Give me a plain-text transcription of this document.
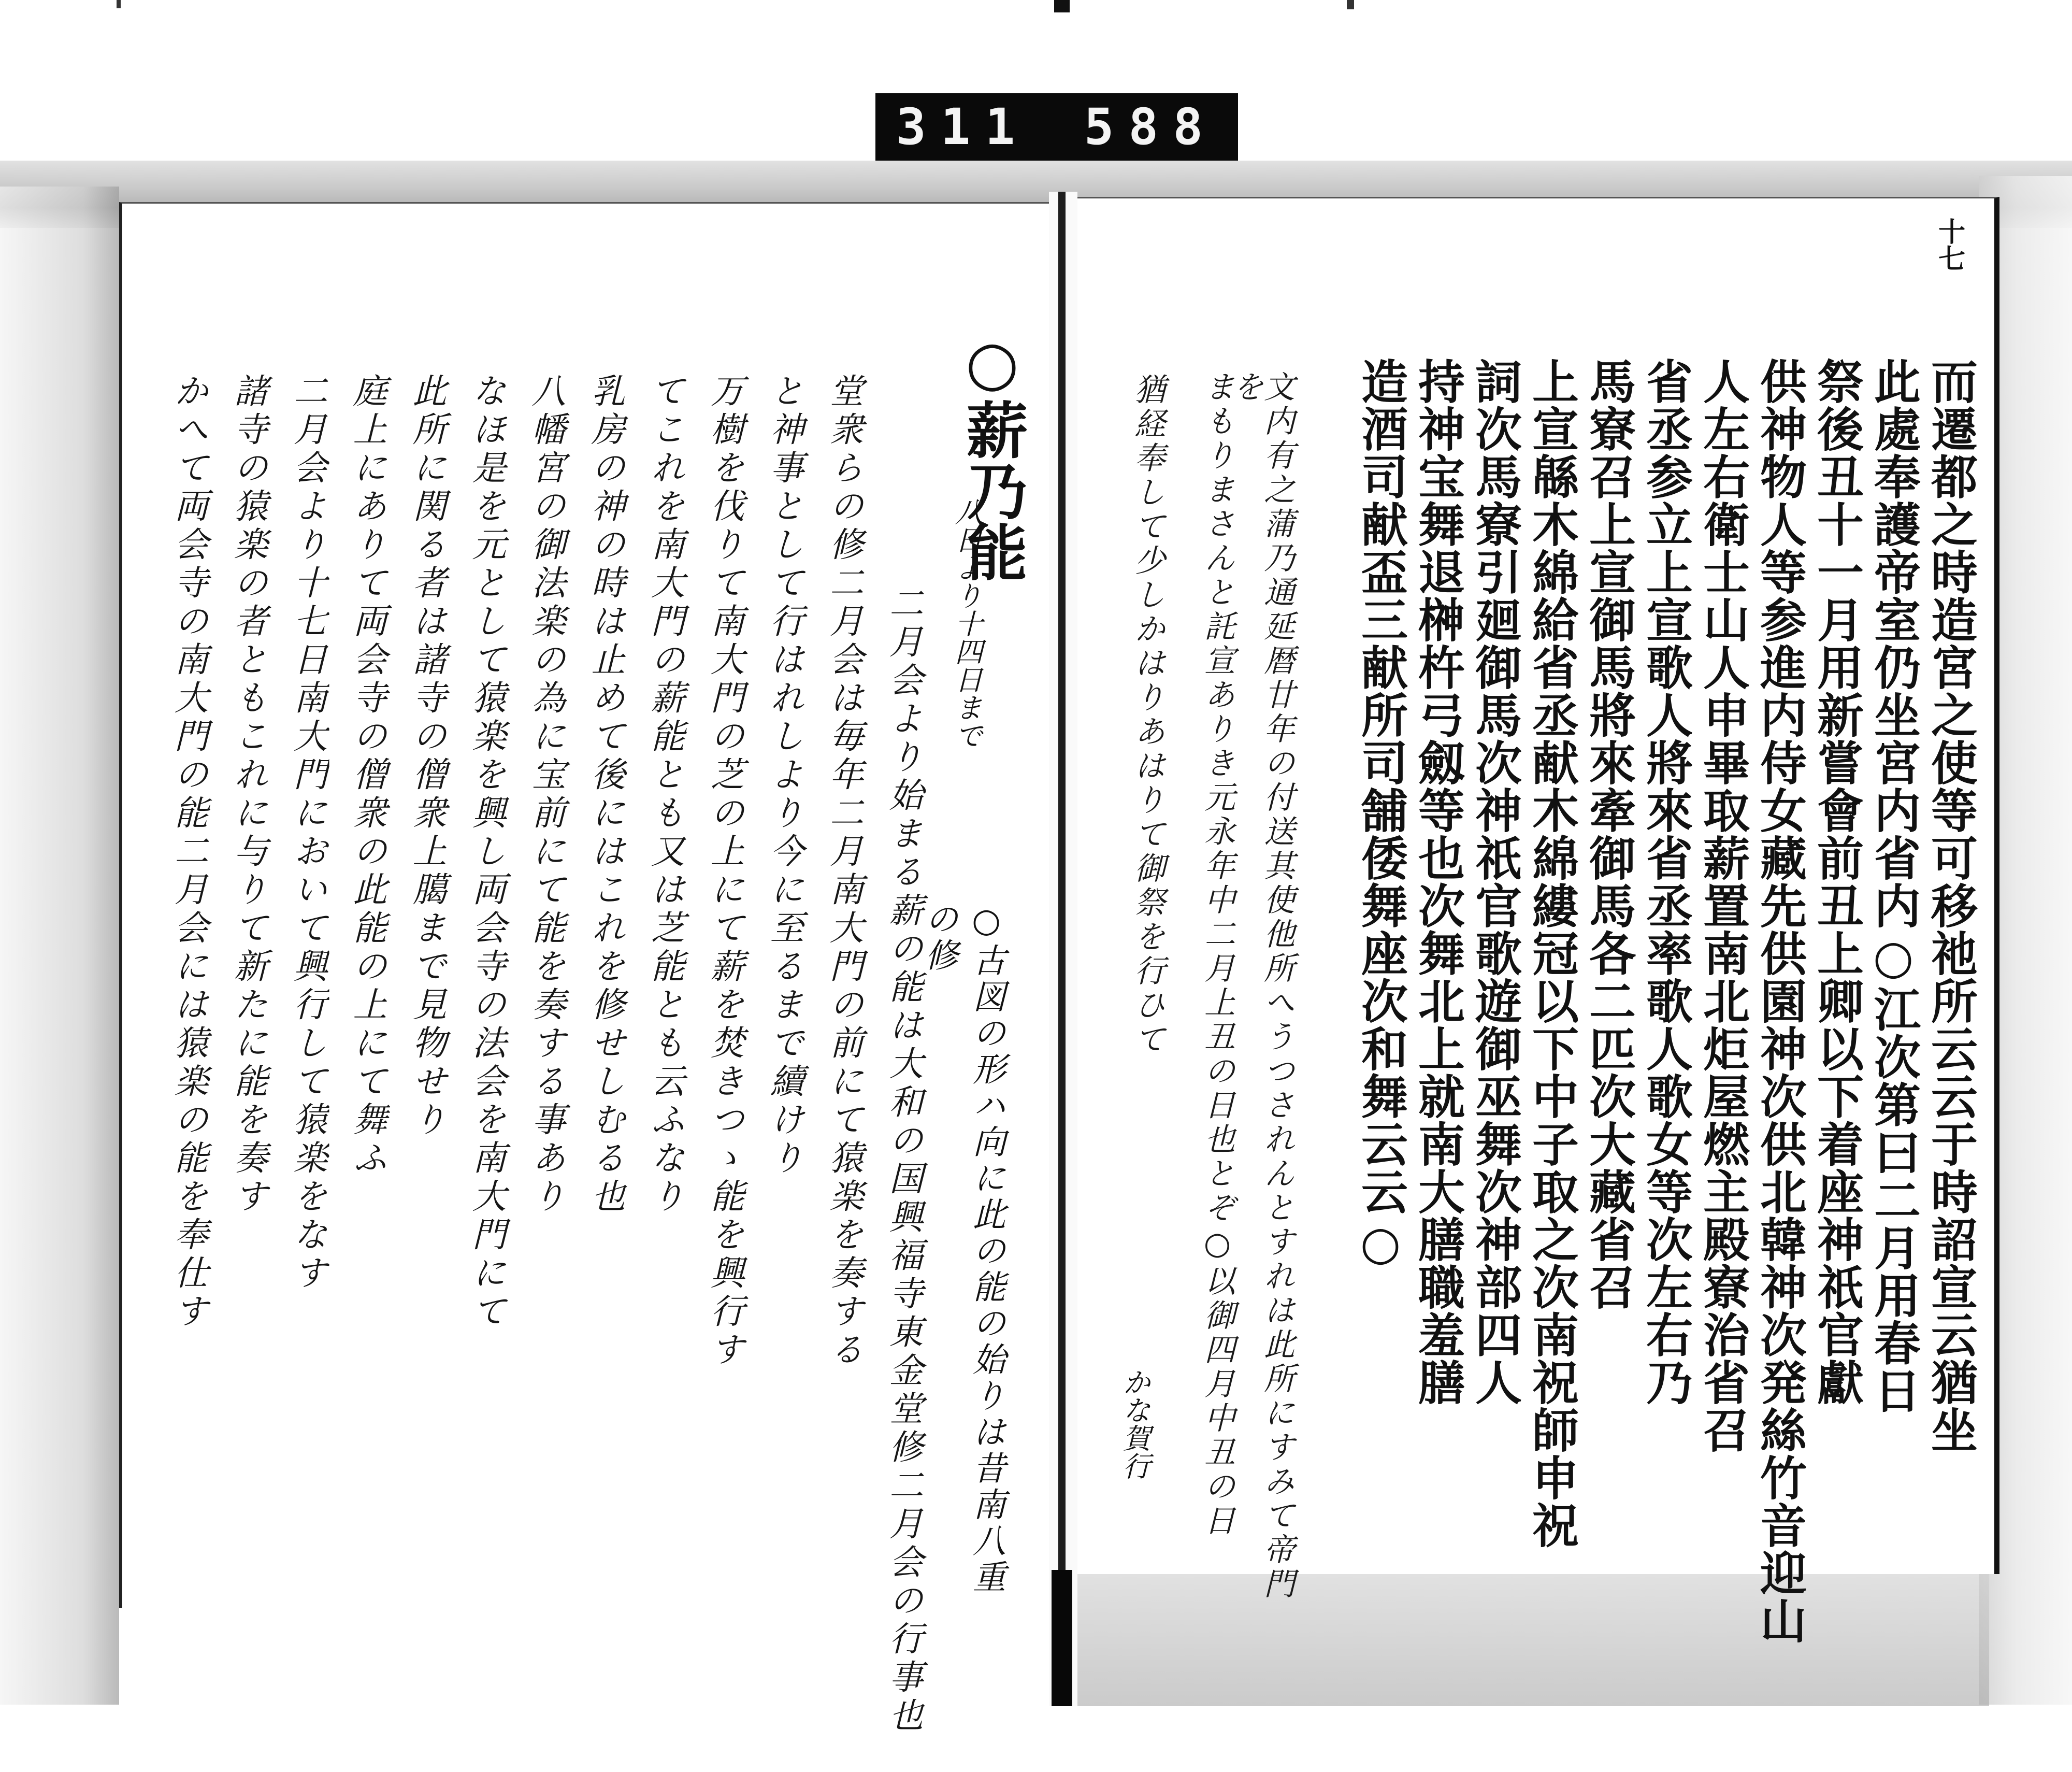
311 588
十七
而遷都之時造宮之使等可移祂所云云于時詔宣云猶坐
此處奉護帝室仍坐宮内省内○江次第曰二月用春日
祭後丑十一月用新嘗會前丑上卿以下着座神祇官獻
供神物人等参進内侍女藏先供園神次供北韓神次発絲竹音迎山
人左右衛士山人申畢取薪置南北炬屋燃主殿寮治省召
省丞参立上宣歌人將來省丞率歌人歌女等次左右乃
馬寮召上宣御馬將來牽御馬各二匹次大藏省召
上宣緜木綿給省丞献木綿縷冠以下中子取之次南祝師申祝
詞次馬寮引廻御馬次神祇官歌遊御巫舞次神部四人
持神宝舞退榊杵弓劔等也次舞北上就南大膳職羞膳
造酒司献盃三献所司舗倭舞座次和舞云云○
文内有之蒲乃通延暦廿年の付送其使他所へうつされんとすれは此所にすみて帝門を
まもりまさんと託宣ありき元永年中二月上丑の日也とぞ○以御四月中丑の日
猶経奉して少しかはりあはりて御祭を行ひて
かな賀行
○薪乃能
八日より十四日まで
○古図の形ハ向に此の能の始りは昔南八重の修
二月会より始まる薪の能は大和の国興福寺東金堂修二月会の行事也
堂衆らの修二月会は毎年二月南大門の前にて猿楽を奏する
と神事として行はれしより今に至るまで續けり
万樹を伐りて南大門の芝の上にて薪を焚きつゝ能を興行す
てこれを南大門の薪能とも又は芝能とも云ふなり
乳房の神の時は止めて後にはこれを修せしむる也
八幡宮の御法楽の為に宝前にて能を奏する事あり
なほ是を元として猿楽を興し両会寺の法会を南大門にて
此所に関る者は諸寺の僧衆上臈まで見物せり
庭上にありて両会寺の僧衆の此能の上にて舞ふ
二月会より十七日南大門において興行して猿楽をなす
諸寺の猿楽の者ともこれに与りて新たに能を奏す
かへて両会寺の南大門の能二月会には猿楽の能を奉仕す
